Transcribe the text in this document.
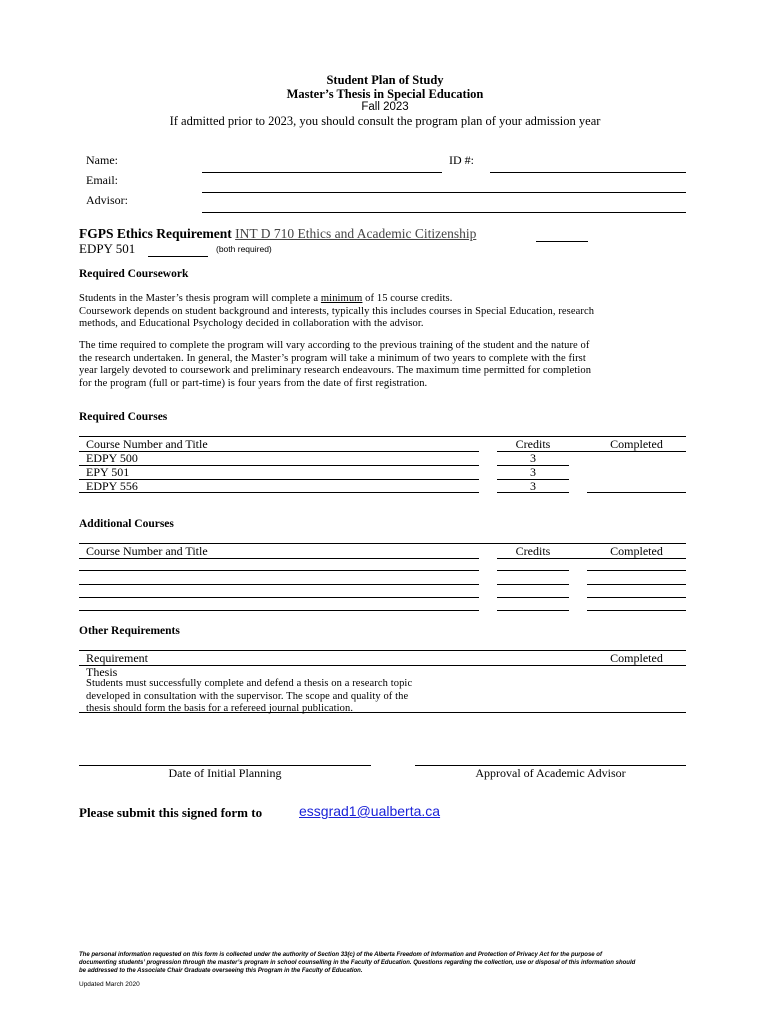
Student Plan of Study
Master’s Thesis in Special Education
Fall 2023
If admitted prior to 2023, you should consult the program plan of your admission year
Name:	ID #:
Email:
Advisor:
FGPS Ethics Requirement INT D 710 Ethics and Academic Citizenship
EDPY 501	(both required)
Required Coursework
Students in the Master’s thesis program will complete a minimum of 15 course credits.
Coursework depends on student background and interests, typically this includes courses in Special Education, research
methods, and Educational Psychology decided in collaboration with the advisor.
The time required to complete the program will vary according to the previous training of the student and the nature of
the research undertaken. In general, the Master’s program will take a minimum of two years to complete with the first
year largely devoted to coursework and preliminary research endeavours. The maximum time permitted for completion
for the program (full or part-time) is four years from the date of first registration.
Required Courses
Course Number and Title	Credits	Completed
EDPY 500	3
EPY 501	3
EDPY 556	3
Additional Courses
Course Number and Title	Credits	Completed
Other Requirements
Requirement	Completed
Thesis
Students must successfully complete and defend a thesis on a research topic
developed in consultation with the supervisor. The scope and quality of the
thesis should form the basis for a refereed journal publication.
Date of Initial Planning	Approval of Academic Advisor
Please submit this signed form to	essgrad1@ualberta.ca
The personal information requested on this form is collected under the authority of Section 33(c) of the Alberta Freedom of Information and Protection of Privacy Act for the purpose of
documenting students’ progression through the master’s program in school counselling in the Faculty of Education. Questions regarding the collection, use or disposal of this information should
be addressed to the Associate Chair Graduate overseeing this Program in the Faculty of Education.
Updated March 2020
